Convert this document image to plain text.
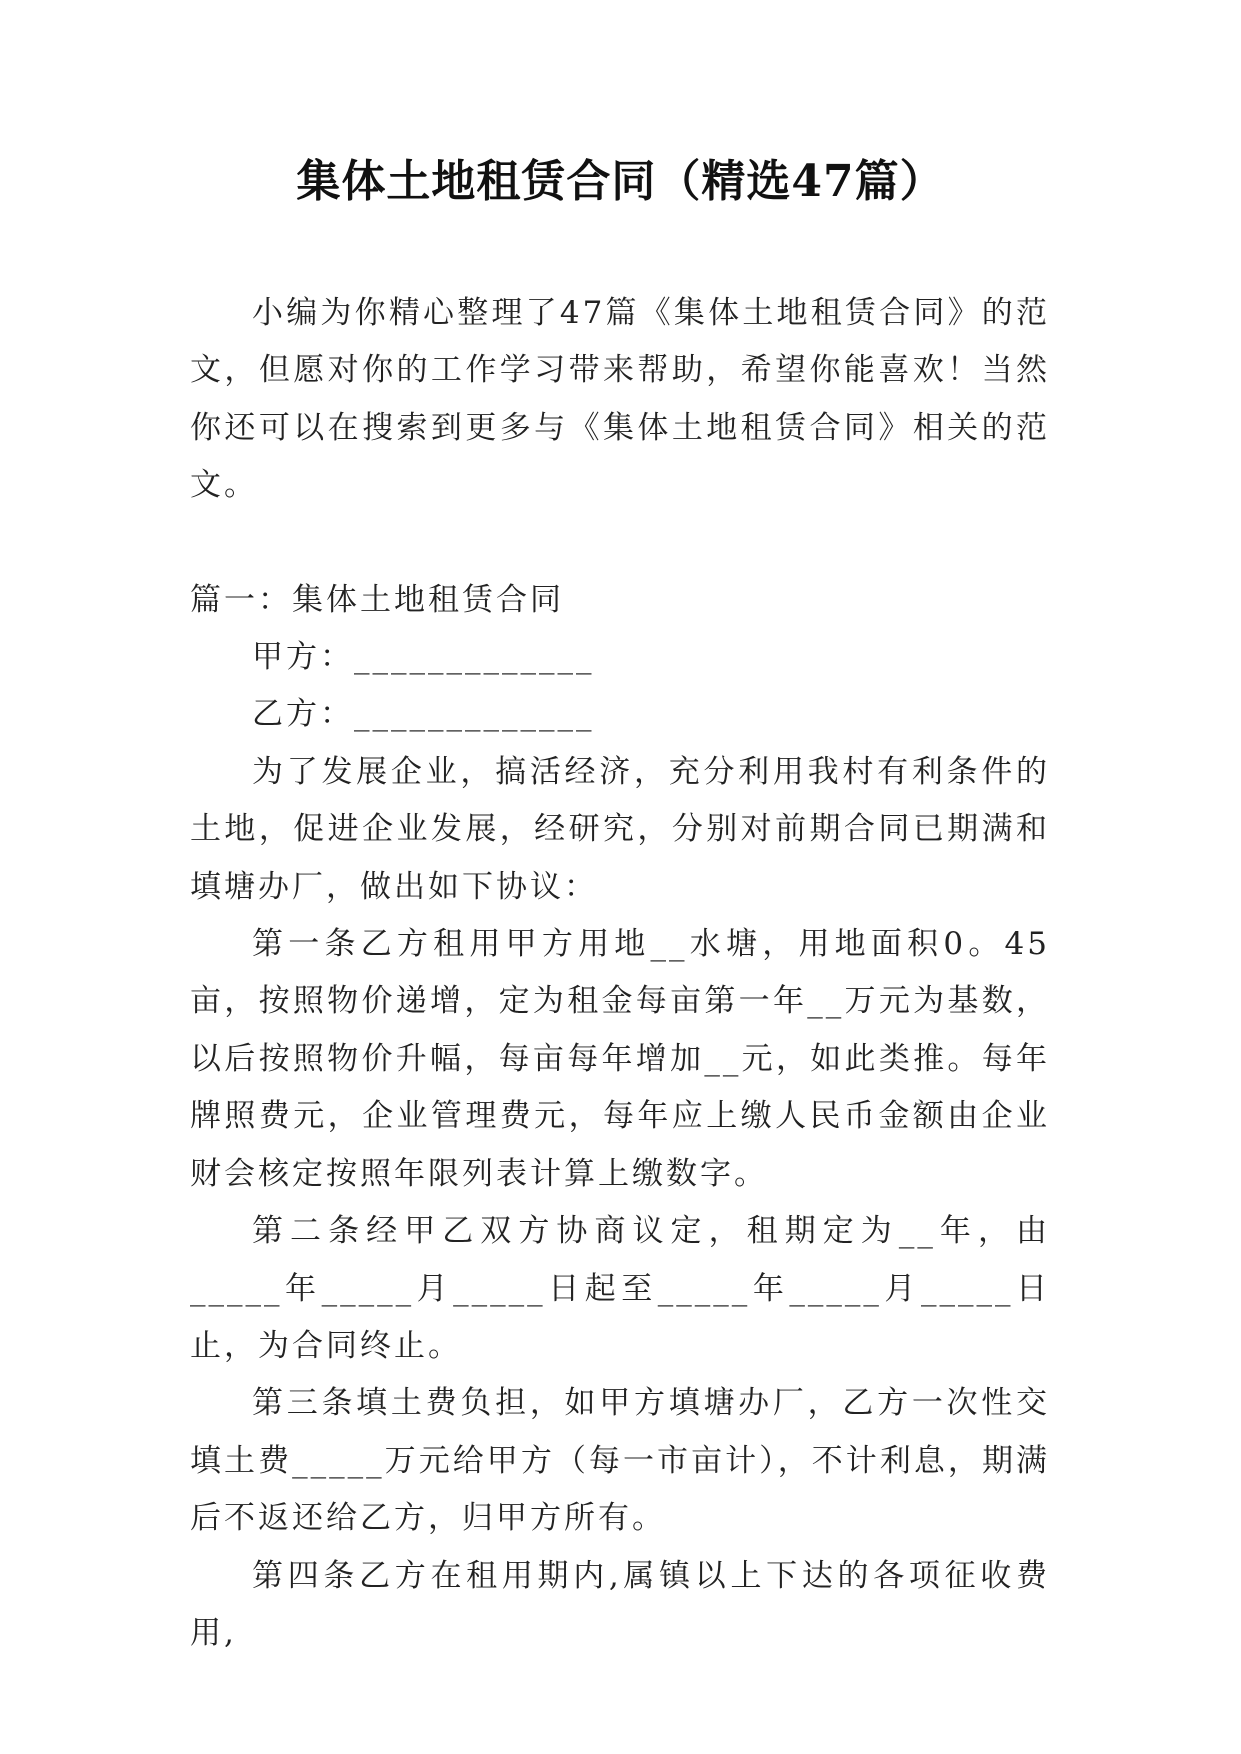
集体土地租赁合同（精选47篇）

小编为你精心整理了47篇《集体土地租赁合同》的范文，但愿对你的工作学习带来帮助，希望你能喜欢！当然你还可以在搜索到更多与《集体土地租赁合同》相关的范文。

篇一：集体土地租赁合同

甲方：_____________

乙方：_____________

为了发展企业，搞活经济，充分利用我村有利条件的土地，促进企业发展，经研究，分别对前期合同已期满和填塘办厂，做出如下协议：

第一条乙方租用甲方用地__水塘，用地面积0。45亩，按照物价递增，定为租金每亩第一年__万元为基数，以后按照物价升幅，每亩每年增加__元，如此类推。每年牌照费元，企业管理费元，每年应上缴人民币金额由企业财会核定按照年限列表计算上缴数字。

第二条经甲乙双方协商议定，租期定为__年，由_____年_____月_____日起至_____年_____月_____日止，为合同终止。

第三条填土费负担，如甲方填塘办厂，乙方一次性交填土费_____万元给甲方（每一市亩计），不计利息，期满后不返还给乙方，归甲方所有。

第四条乙方在租用期内,属镇以上下达的各项征收费用,
